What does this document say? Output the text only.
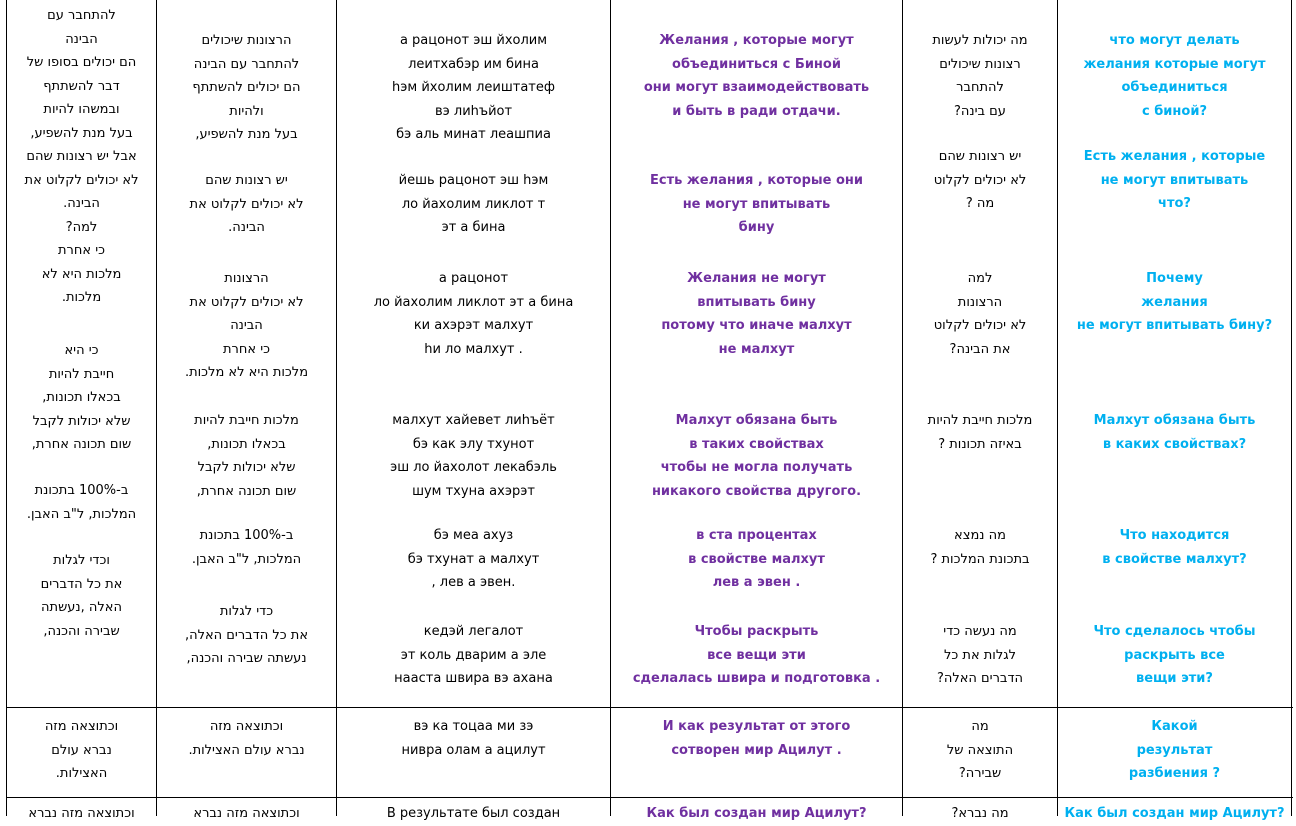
להתחבר עם
הבינה
הם יכולים בסופו של
דבר להשתתף
ובמשהו להיות
בעל מנת להשפיע,
אבל יש רצונות שהם
לא יכולים לקלוט את
הבינה.
למה?
כי אחרת
מלכות היא לא
מלכות.
כי היא
חייבת להיות
בכאלו תכונות,
שלא יכולות לקבל
שום תכונה אחרת,
ב-100% בתכונת
המלכות, ל"ב האבן.
וכדי לגלות
את כל הדברים
האלה ,נעשתה
שבירה והכנה,
וכתוצאה מזה
נברא עולם
האצילות.
וכתוצאה מזה נברא
הרצונות שיכולים
להתחבר עם הבינה
הם יכולים להשתתף
ולהיות
בעל מנת להשפיע,
יש רצונות שהם
לא יכולים לקלוט את
הבינה.
הרצונות
לא יכולים לקלוט את
הבינה
כי אחרת
מלכות היא לא מלכות.
מלכות חייבת להיות
בכאלו תכונות,
שלא יכולות לקבל
שום תכונה אחרת,
ב-100% בתכונת
המלכות, ל"ב האבן.
כדי לגלות
את כל הדברים האלה,
נעשתה שבירה והכנה,
וכתוצאה מזה
נברא עולם האצילות.
וכתוצאה מזה נברא
а рацонот эш йхолим
леитхабэр им бина
hэм йхолим леиштатеф
вэ лиhъйот
бэ аль минат леашпиа
йешь рацонот эш hэм
ло йахолим ликлот т
эт а бина
а рацонот
ло йахолим ликлот эт а бина
ки ахэрэт малхут
hи ло малхут .
малхут хайевет лиhъёт
бэ как элу тхунот
эш ло йахолот лекабэль
шум тхуна ахэрэт
бэ меа ахуз
бэ тхунат а малхут
, лев а эвен.
кедэй легалот
эт коль дварим а эле
нааста швира вэ ахана
вэ ка тоцаа ми зэ
нивра олам а ацилут
В результате был создан
Желания , которые могут
объединиться с Биной
они могут взаимодействовать
и быть в ради отдачи.
Есть желания , которые они
не могут впитывать
бину
Желания не могут
впитывать бину
потому что иначе малхут
не малхут
Малхут обязана быть
в таких свойствах
чтобы не могла получать
никакого свойства другого.
в ста процентах
в свойстве малхут
лев а эвен .
Чтобы раскрыть
все вещи эти
сделалась швира и подготовка .
И как результат от этого
сотворен мир Ацилут .
Как был создан мир Ацилут?
מה יכולות לעשות
רצונות שיכולים
להתחבר
עם בינה?
יש רצונות שהם
לא יכולים לקלוט
מה ?
למה
הרצונות
לא יכולים לקלוט
את הבינה?
מלכות חייבת להיות
באיזה תכונות ?
מה נמצא
בתכונת המלכות ?
מה נעשה כדי
לגלות את כל
הדברים האלה?
מה
התוצאה של
שבירה?
מה נברא?
что могут делать
желания которые могут
объединиться
с биной?
Есть желания , которые
не могут впитывать
что?
Почему
желания
не могут впитывать бину?
Малхут обязана быть
в каких свойствах?
Что находится
в свойстве малхут?
Что сделалось чтобы
раскрыть все
вещи эти?
Какой
результат
разбиения ?
Как был создан мир Ацилут?
